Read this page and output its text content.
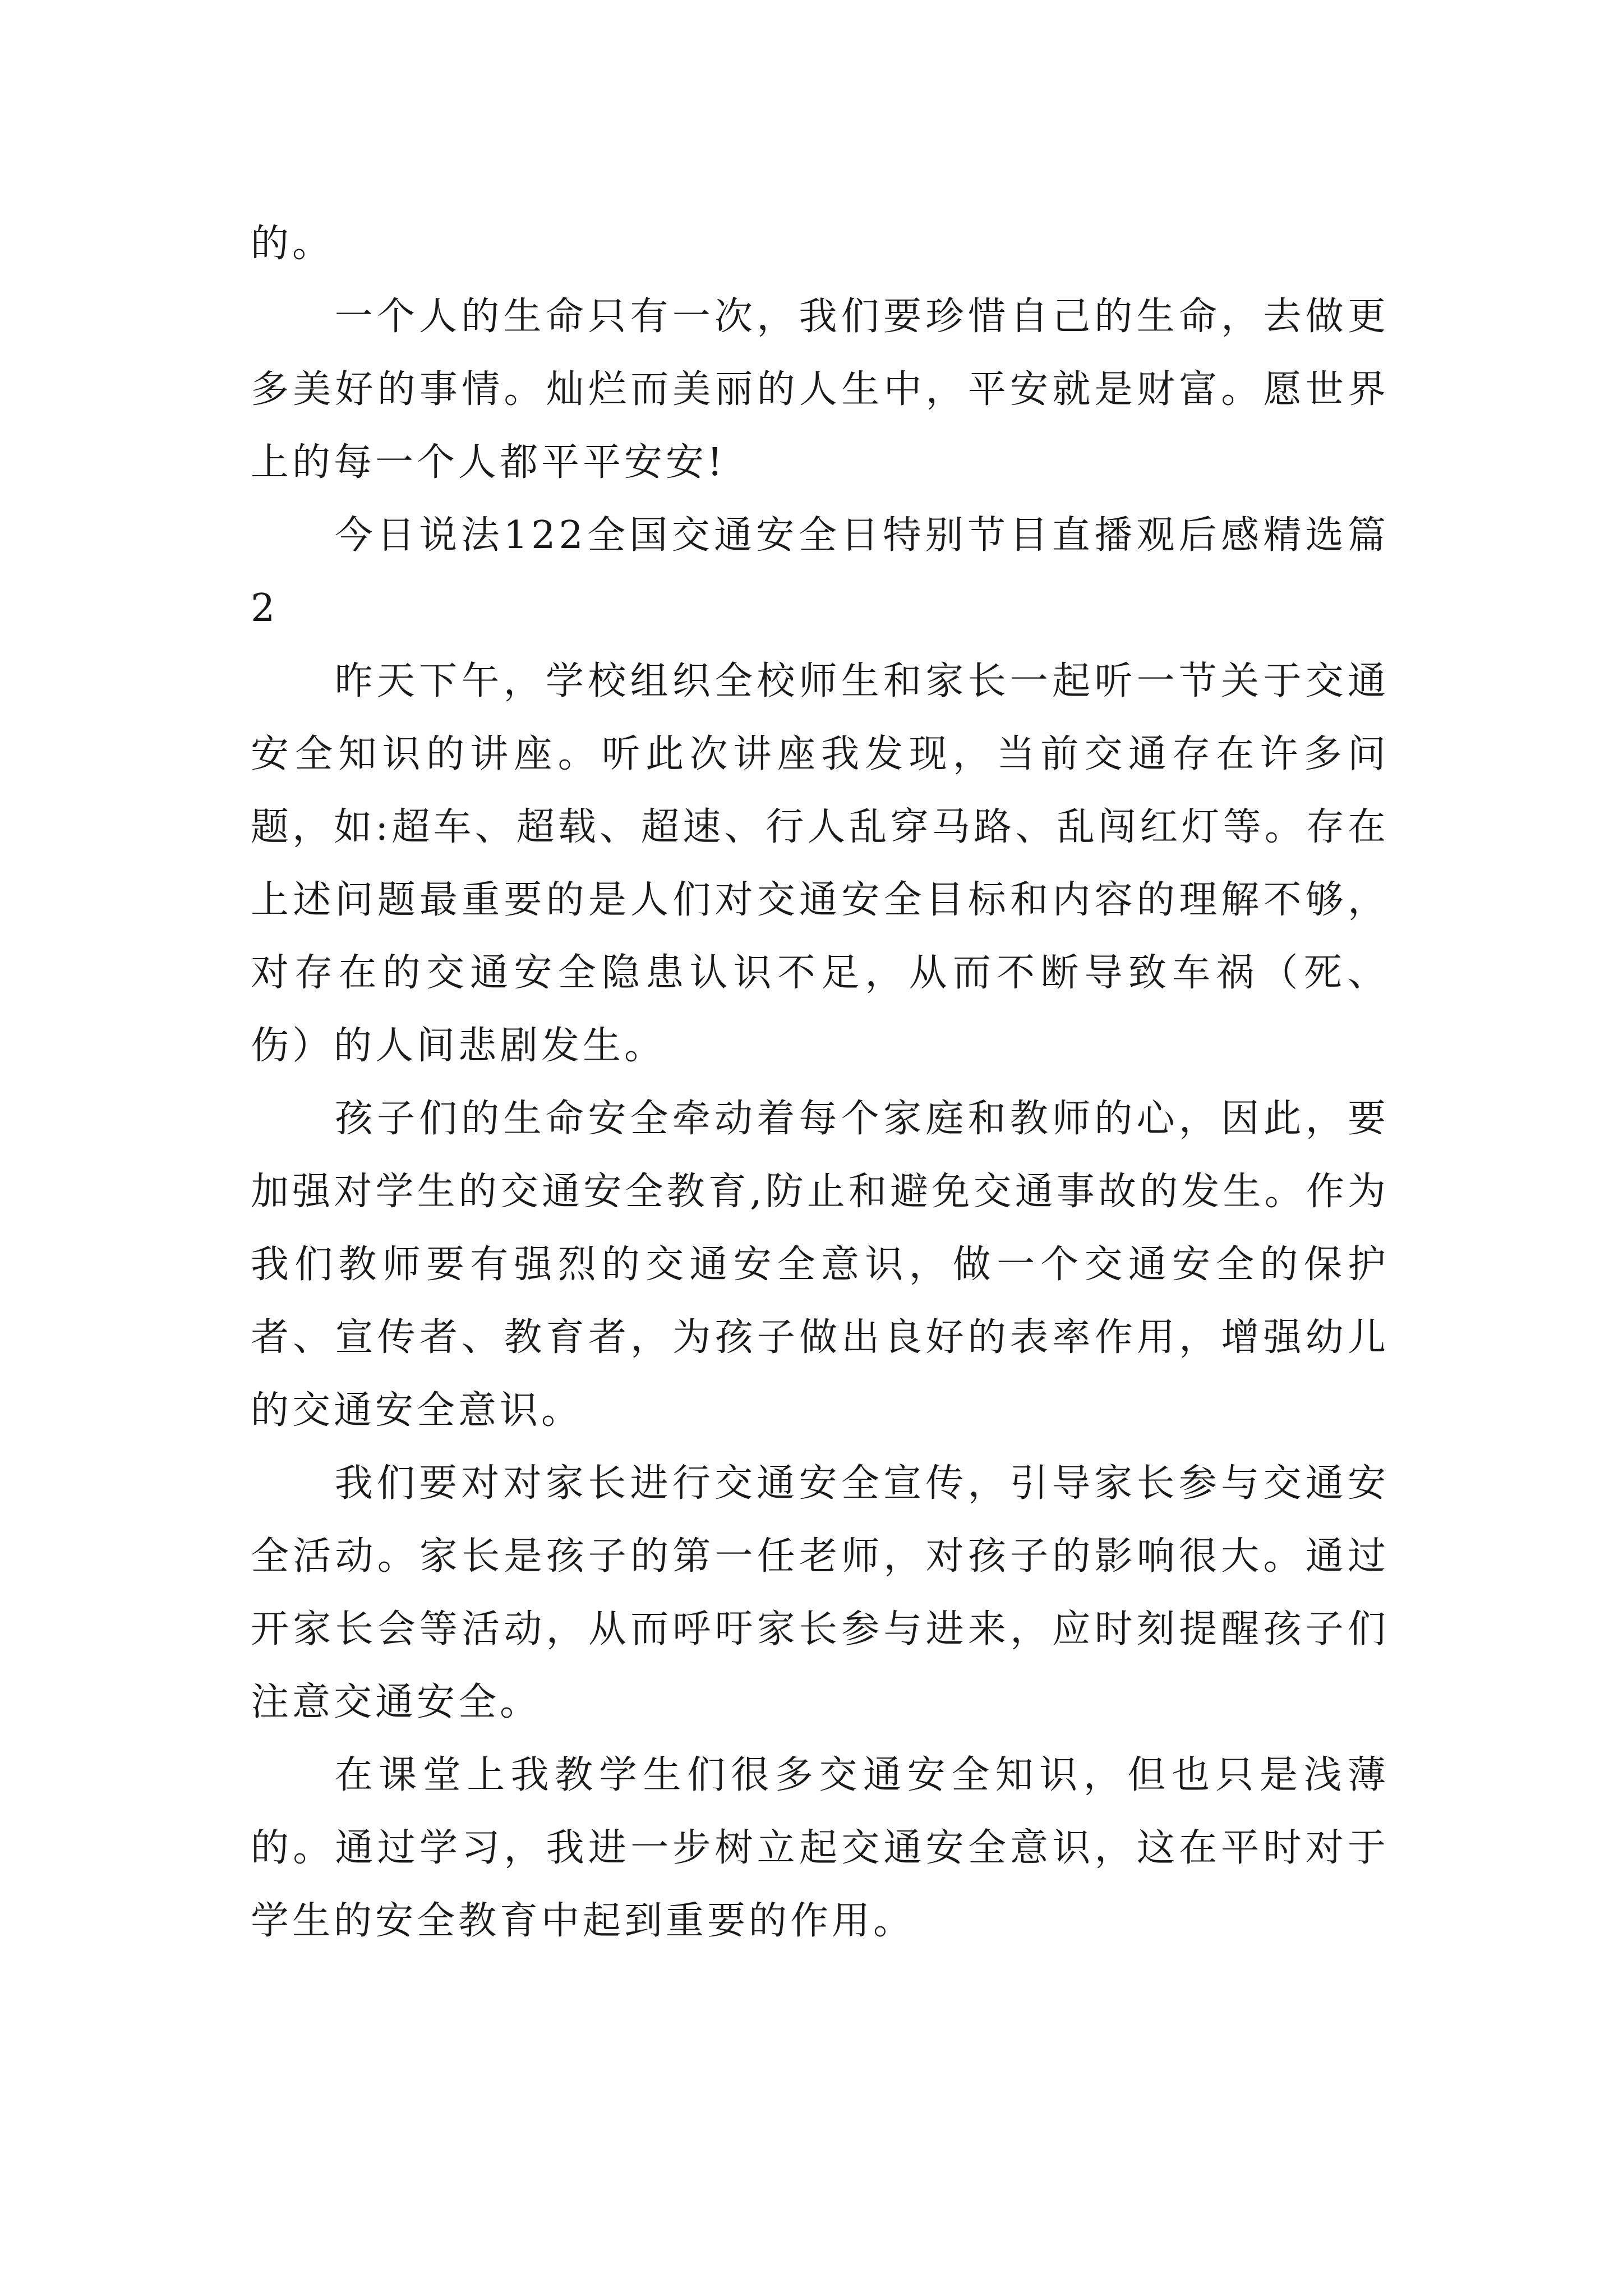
的。

一个人的生命只有一次，我们要珍惜自己的生命，去做更多美好的事情。灿烂而美丽的人生中，平安就是财富。愿世界上的每一个人都平平安安!

今日说法122全国交通安全日特别节目直播观后感精选篇2

昨天下午，学校组织全校师生和家长一起听一节关于交通安全知识的讲座。听此次讲座我发现，当前交通存在许多问题，如:超车、超载、超速、行人乱穿马路、乱闯红灯等。存在上述问题最重要的是人们对交通安全目标和内容的理解不够，对存在的交通安全隐患认识不足，从而不断导致车祸（死、伤）的人间悲剧发生。

孩子们的生命安全牵动着每个家庭和教师的心，因此，要加强对学生的交通安全教育,防止和避免交通事故的发生。作为我们教师要有强烈的交通安全意识，做一个交通安全的保护者、宣传者、教育者，为孩子做出良好的表率作用，增强幼儿的交通安全意识。

我们要对对家长进行交通安全宣传，引导家长参与交通安全活动。家长是孩子的第一任老师，对孩子的影响很大。通过开家长会等活动，从而呼吁家长参与进来，应时刻提醒孩子们注意交通安全。

在课堂上我教学生们很多交通安全知识，但也只是浅薄的。通过学习，我进一步树立起交通安全意识，这在平时对于学生的安全教育中起到重要的作用。
